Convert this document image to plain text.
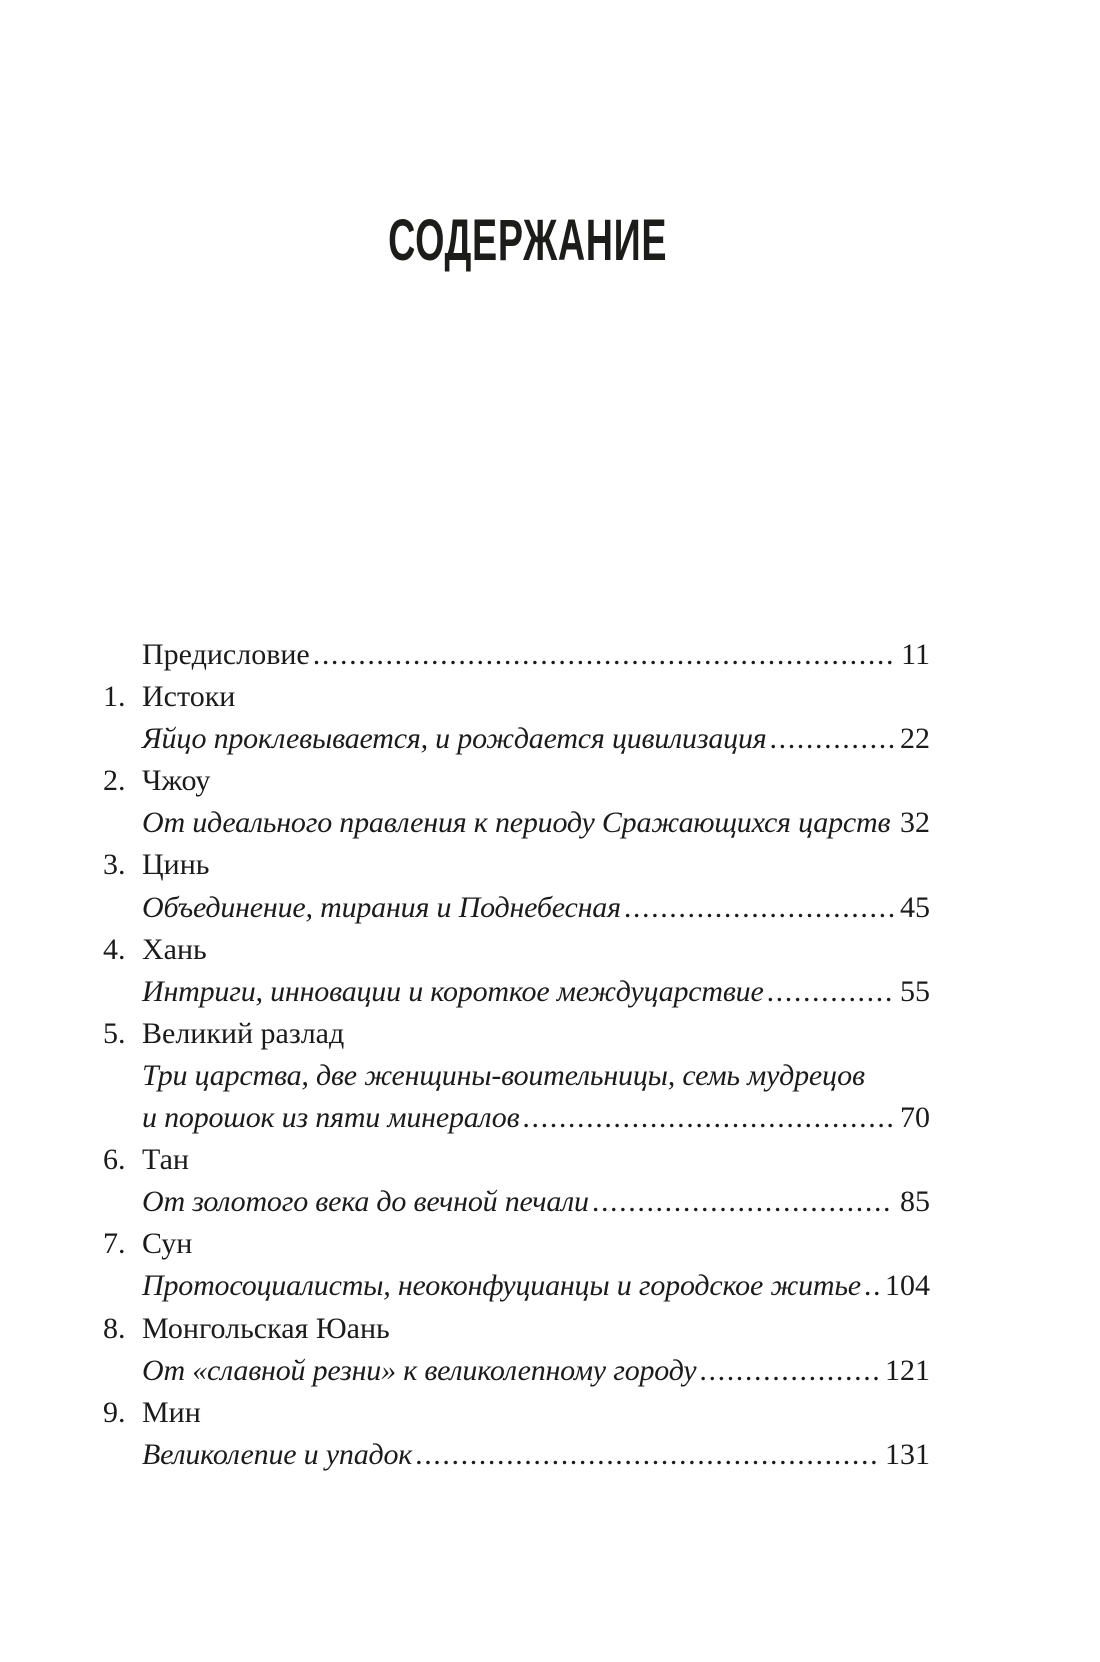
СОДЕРЖАНИЕ
Предисловие .....	11
1. Истоки
Яйцо проклевывается, и рождается цивилизация .....	22
2. Чжоу
От идеального правления к периоду Сражающихся царств ..... 32
3. Цинь
Объединение, тирания и Поднебесная .....	45
4. Хань
Интриги, инновации и короткое междуцарствие .....	55
5. Великий разлад
Три царства, две женщины-воительницы, семь мудрецов
и порошок из пяти минералов .....	70
6. Тан
От золотого века до вечной печали .....	85
7. Сун
Протосоциалисты, неоконфуцианцы и городское житье ..... 104
8. Монгольская Юань
От «славной резни» к великолепному городу .....	121
9. Мин
Великолепие и упадок .....	131
